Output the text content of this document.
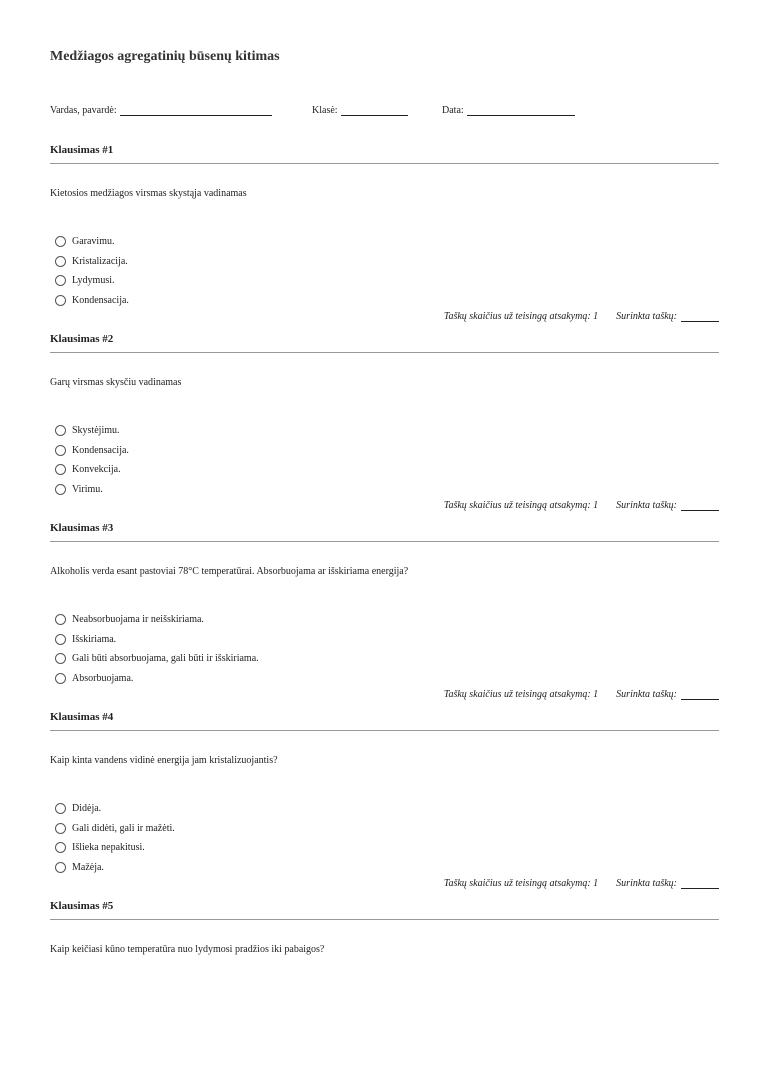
Medžiagos agregatinių būsenų kitimas
Vardas, pavardė:	Klasė:	Data:
Klausimas #1
Kietosios medžiagos virsmas skystąja vadinamas
Garavimu.
Kristalizacija.
Lydymusi.
Kondensacija.
Taškų skaičius už teisingą atsakymą: 1 Surinkta taškų:
Klausimas #2
Garų virsmas skysčiu vadinamas
Skystėjimu.
Kondensacija.
Konvekcija.
Virimu.
Taškų skaičius už teisingą atsakymą: 1 Surinkta taškų:
Klausimas #3
Alkoholis verda esant pastoviai 78°C temperatūrai. Absorbuojama ar išskiriama energija?
Neabsorbuojama ir neišskiriama.
Išskiriama.
Gali būti absorbuojama, gali būti ir išskiriama.
Absorbuojama.
Taškų skaičius už teisingą atsakymą: 1 Surinkta taškų:
Klausimas #4
Kaip kinta vandens vidinė energija jam kristalizuojantis?
Didėja.
Gali didėti, gali ir mažėti.
Išlieka nepakitusi.
Mažėja.
Taškų skaičius už teisingą atsakymą: 1 Surinkta taškų:
Klausimas #5
Kaip keičiasi kūno temperatūra nuo lydymosi pradžios iki pabaigos?
